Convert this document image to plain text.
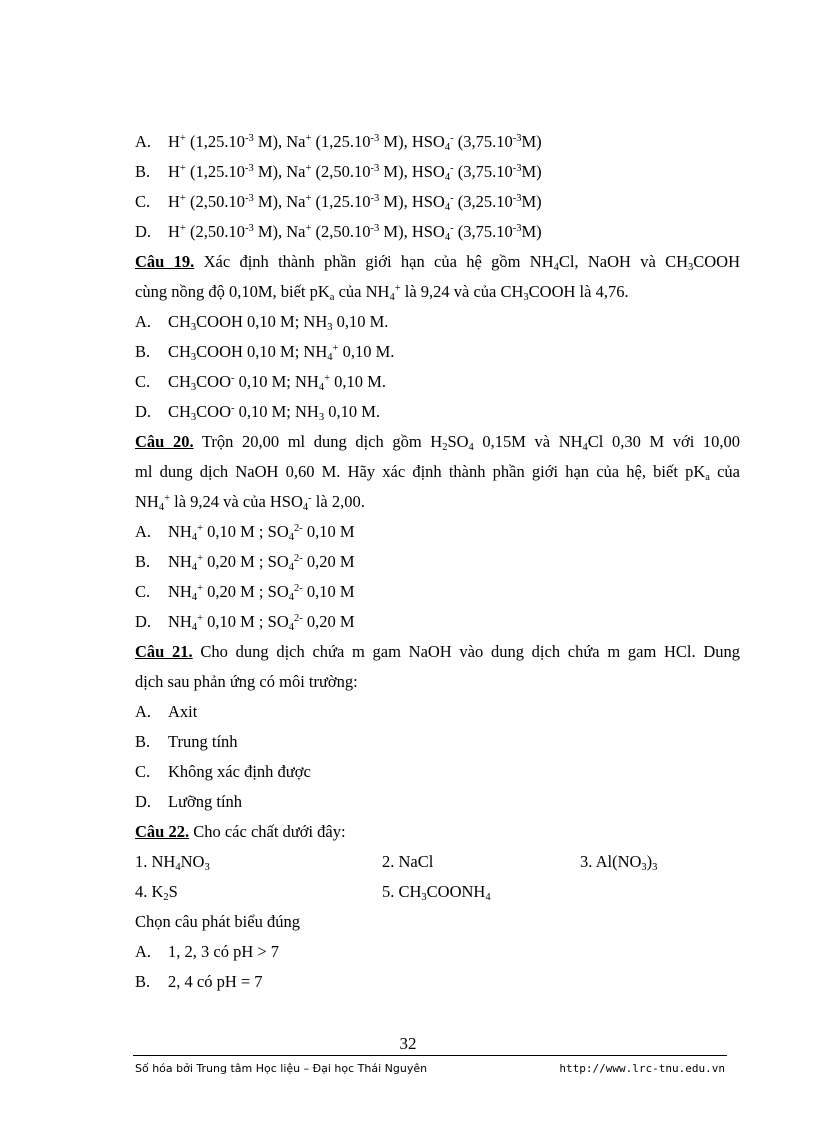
A. H+ ($1,25.10^{-3}$ M), Na+ ($1,25.10^{-3}$ M), $HSO_4^-$ $(3,75.10^{-3}M)$
B. H+ ($1,25.10^{-3}$ M), Na+ ($2,50.10^{-3}$ M), $HSO_4^-$ $(3,75.10^{-3}M)$
C. H+ ($2,50.10^{-3}$ M), Na+ ($1,25.10^{-3}$ M), $HSO_4^-$ $(3,25.10^{-3}M)$
D. H+ ($2,50.10^{-3}$ M), Na+ ($2,50.10^{-3}$ M), $HSO_4^-$ $(3,75.10^{-3}M)$
Câu 19. Xác định thành phần giới hạn của hệ gồm $NH_4Cl$, NaOH và $CH_3COOH$
cùng nồng độ 0,10M, biết $pK_a$ của $NH_4^+$ là 9,24 và của $CH_3COOH$ là 4,76.
A. $CH_3COOH$ 0,10 M; $NH_3$ 0,10 M.
B. $CH_3COOH$ 0,10 M; $NH_4^+$ 0,10 M.
C. $CH_3COO^-$ 0,10 M; $NH_4^+$ 0,10 M.
D. $CH_3COO^-$ 0,10 M; $NH_3$ 0,10 M.
Câu 20. Trộn 20,00 ml dung dịch gồm $H_2SO_4$ 0,15M và $NH_4Cl$ 0,30 M với 10,00
ml dung dịch NaOH 0,60 M. Hãy xác định thành phần giới hạn của hệ, biết $pK_a$ của
$NH_4^+$ là 9,24 và của $HSO_4^-$ là 2,00.
A. $NH_4^+$ 0,10 M ; $SO_4^{2-}$ 0,10 M
B. $NH_4^+$ 0,20 M ; $SO_4^{2-}$ 0,20 M
C. $NH_4^+$ 0,20 M ; $SO_4^{2-}$ 0,10 M
D. $NH_4^+$ 0,10 M ; $SO_4^{2-}$ 0,20 M
Câu 21. Cho dung dịch chứa m gam NaOH vào dung dịch chứa m gam HCl. Dung
dịch sau phản ứng có môi trường:
A. Axit
B. Trung tính
C. Không xác định được
D. Lưỡng tính
Câu 22. Cho các chất dưới đây:
1. $NH_4NO_3$	2. NaCl	3. $Al(NO_3)_3$
4. $K_2S$	5. $CH_3COONH_4$
Chọn câu phát biểu đúng
A. 1, 2, 3 có pH > 7
B. 2, 4 có pH = 7
32
Số hóa bởi Trung tâm Học liệu – Đại học Thái Nguyên	http://www.lrc-tnu.edu.vn
